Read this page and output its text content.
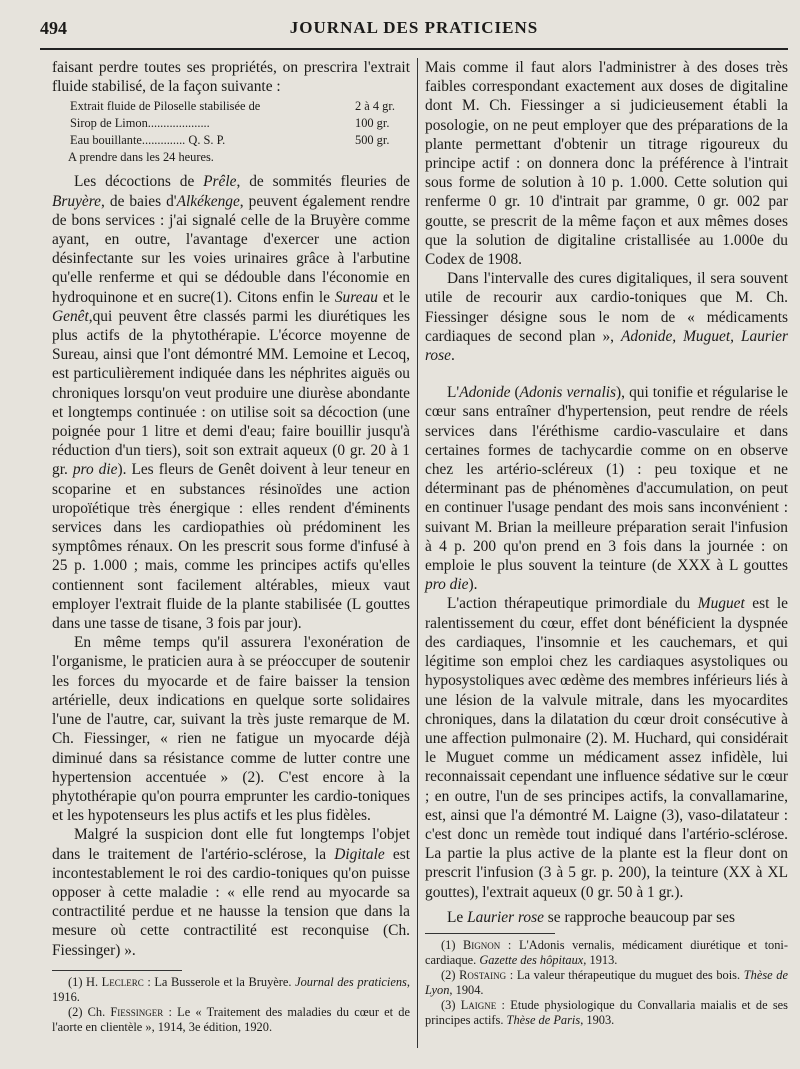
494	JOURNAL DES PRATICIENS

faisant perdre toutes ses propriétés, on prescrira l'extrait fluide stabilisé, de la façon suivante :

Extrait fluide de Piloselle stabilisée de	2 à 4 gr.
Sirop de Limon....................	100 gr.
Eau bouillante.............. Q. S. P.	500 gr.
A prendre dans les 24 heures.

Les décoctions de Prêle, de sommités fleuries de Bruyère, de baies d'Alkékenge, peuvent également rendre de bons services : j'ai signalé celle de la Bruyère comme ayant, en outre, l'avantage d'exercer une action désinfectante sur les voies urinaires grâce à l'arbutine qu'elle renferme et qui se dédouble dans l'économie en hydroquinone et en sucre(1). Citons enfin le Sureau et le Genêt,qui peuvent être classés parmi les diurétiques les plus actifs de la phytothérapie. L'écorce moyenne de Sureau, ainsi que l'ont démontré MM. Lemoine et Lecoq, est particulièrement indiquée dans les néphrites aiguës ou chroniques lorsqu'on veut produire une diurèse abondante et longtemps continuée : on utilise soit sa décoction (une poignée pour 1 litre et demi d'eau; faire bouillir jusqu'à réduction d'un tiers), soit son extrait aqueux (0 gr. 20 à 1 gr. pro die). Les fleurs de Genêt doivent à leur teneur en scoparine et en substances résinoïdes une action uropoïétique très énergique : elles rendent d'éminents services dans les cardiopathies où prédominent les symptômes rénaux. On les prescrit sous forme d'infusé à 25 p. 1.000 ; mais, comme les principes actifs qu'elles contiennent sont facilement altérables, mieux vaut employer l'extrait fluide de la plante stabilisée (L gouttes dans une tasse de tisane, 3 fois par jour).

En même temps qu'il assurera l'exonération de l'organisme, le praticien aura à se préoccuper de soutenir les forces du myocarde et de faire baisser la tension artérielle, deux indications en quelque sorte solidaires l'une de l'autre, car, suivant la très juste remarque de M. Ch. Fiessinger, « rien ne fatigue un myocarde déjà diminué dans sa résistance comme de lutter contre une hypertension accentuée » (2). C'est encore à la phytothérapie qu'on pourra emprunter les cardio-toniques et les hypotenseurs les plus actifs et les plus fidèles.

Malgré la suspicion dont elle fut longtemps l'objet dans le traitement de l'artério-sclérose, la Digitale est incontestablement le roi des cardio-toniques qu'on puisse opposer à cette maladie : « elle rend au myocarde sa contractilité perdue et ne hausse la tension que dans la mesure où cette contractilité est reconquise (Ch. Fiessinger) ».

(1) H. Leclerc : La Busserole et la Bruyère. Journal des praticiens, 1916.

(2) Ch. Fiessinger : Le « Traitement des maladies du cœur et de l'aorte en clientèle », 1914, 3e édition, 1920.

Mais comme il faut alors l'administrer à des doses très faibles correspondant exactement aux doses de digitaline dont M. Ch. Fiessinger a si judicieusement établi la posologie, on ne peut employer que des préparations de la plante permettant d'obtenir un titrage rigoureux du principe actif : on donnera donc la préférence à l'intrait sous forme de solution à 10 p. 1.000. Cette solution qui renferme 0 gr. 10 d'intrait par gramme, 0 gr. 002 par goutte, se prescrit de la même façon et aux mêmes doses que la solution de digitaline cristallisée au 1.000e du Codex de 1908.

Dans l'intervalle des cures digitaliques, il sera souvent utile de recourir aux cardio-toniques que M. Ch. Fiessinger désigne sous le nom de « médicaments cardiaques de second plan », Adonide, Muguet, Laurier rose.

L'Adonide (Adonis vernalis), qui tonifie et régularise le cœur sans entraîner d'hypertension, peut rendre de réels services dans l'éréthisme cardio-vasculaire et dans certaines formes de tachycardie comme on en observe chez les artério-scléreux (1) : peu toxique et ne déterminant pas de phénomènes d'accumulation, on peut en continuer l'usage pendant des mois sans inconvénient : suivant M. Brian la meilleure préparation serait l'infusion à 4 p. 200 qu'on prend en 3 fois dans la journée : on emploie le plus souvent la teinture (de XXX à L gouttes pro die).

L'action thérapeutique primordiale du Muguet est le ralentissement du cœur, effet dont bénéficient la dyspnée des cardiaques, l'insomnie et les cauchemars, et qui légitime son emploi chez les cardiaques asystoliques ou hyposystoliques avec œdème des membres inférieurs liés à une lésion de la valvule mitrale, dans les myocardites chroniques, dans la dilatation du cœur droit consécutive à une affection pulmonaire (2). M. Huchard, qui considérait le Muguet comme un médicament assez infidèle, lui reconnaissait cependant une influence sédative sur le cœur ; en outre, l'un de ses principes actifs, la convallamarine, est, ainsi que l'a démontré M. Laigne (3), vaso-dilatateur : c'est donc un remède tout indiqué dans l'artério-sclérose. La partie la plus active de la plante est la fleur dont on prescrit l'infusion (3 à 5 gr. p. 200), la teinture (XX à XL gouttes), l'extrait aqueux (0 gr. 50 à 1 gr.).

Le Laurier rose se rapproche beaucoup par ses

(1) Bignon : L'Adonis vernalis, médicament diurétique et toni-cardiaque. Gazette des hôpitaux, 1913.

(2) Rostaing : La valeur thérapeutique du muguet des bois. Thèse de Lyon, 1904.

(3) Laigne : Etude physiologique du Convallaria maialis et de ses principes actifs. Thèse de Paris, 1903.
